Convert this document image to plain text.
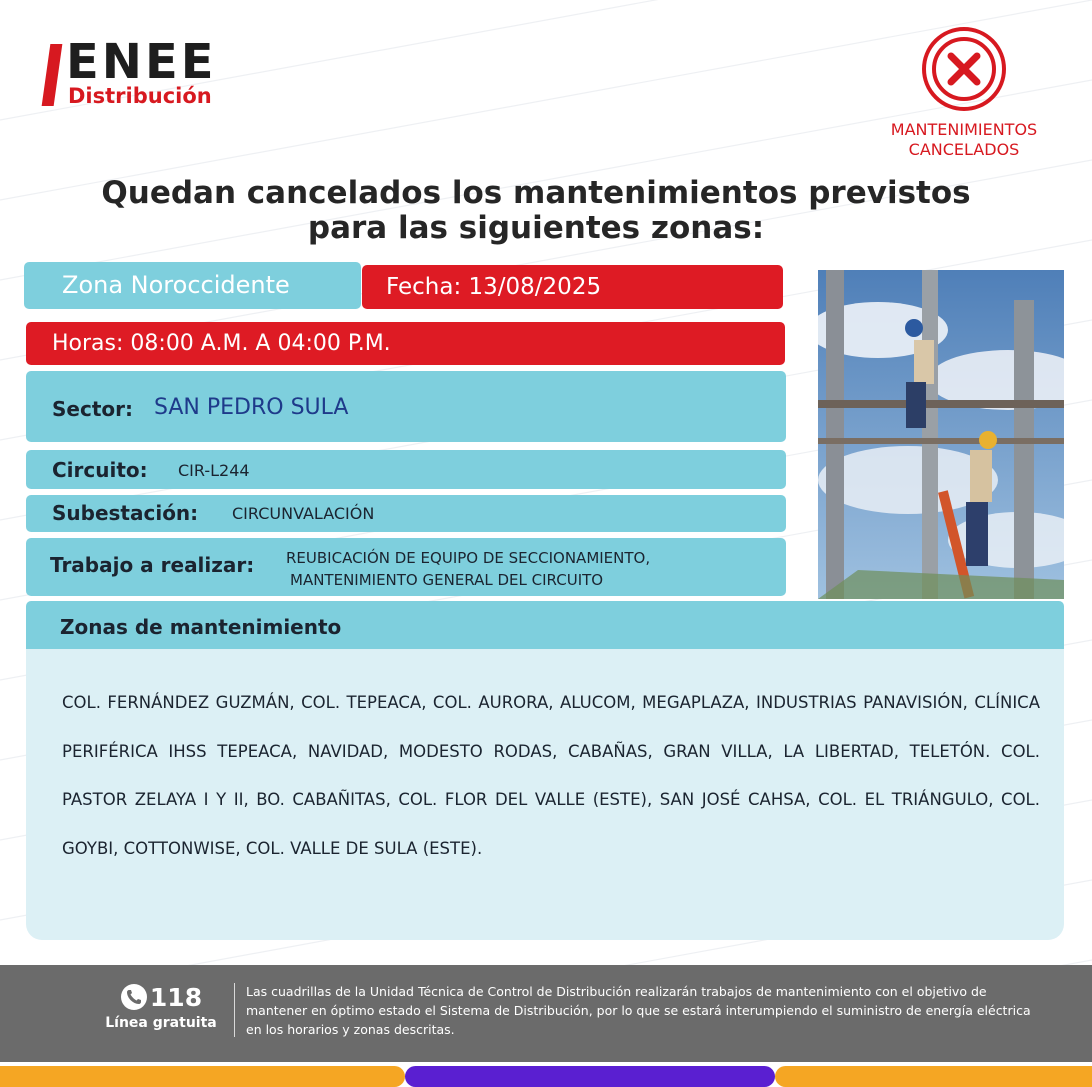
ENEE
Distribución
MANTENIMIENTOS
CANCELADOS
Quedan cancelados los mantenimientos previstos
para las siguientes zonas:
Zona Noroccidente	Fecha: 13/08/2025
Horas: 08:00 A.M. A 04:00 P.M.
Sector: SAN PEDRO SULA
Circuito: CIR-L244
Subestación: CIRCUNVALACIÓN
Trabajo a realizar: REUBICACIÓN DE EQUIPO DE SECCIONAMIENTO,
MANTENIMIENTO GENERAL DEL CIRCUITO
Zonas de mantenimiento
COL. FERNÁNDEZ GUZMÁN, COL. TEPEACA, COL. AURORA, ALUCOM, MEGAPLAZA, INDUSTRIAS PANAVISIÓN, CLÍNICA PERIFÉRICA IHSS TEPEACA, NAVIDAD, MODESTO RODAS, CABAÑAS, GRAN VILLA, LA LIBERTAD, TELETÓN. COL. PASTOR ZELAYA I Y II, BO. CABAÑITAS, COL. FLOR DEL VALLE (ESTE), SAN JOSÉ CAHSA, COL. EL TRIÁNGULO, COL. GOYBI, COTTONWISE, COL. VALLE DE SULA (ESTE).
118
Línea gratuita
Las cuadrillas de la Unidad Técnica de Control de Distribución realizarán trabajos de mantenimiento con el objetivo de mantener en óptimo estado el Sistema de Distribución, por lo que se estará interumpiendo el suministro de energía eléctrica en los horarios y zonas descritas.
